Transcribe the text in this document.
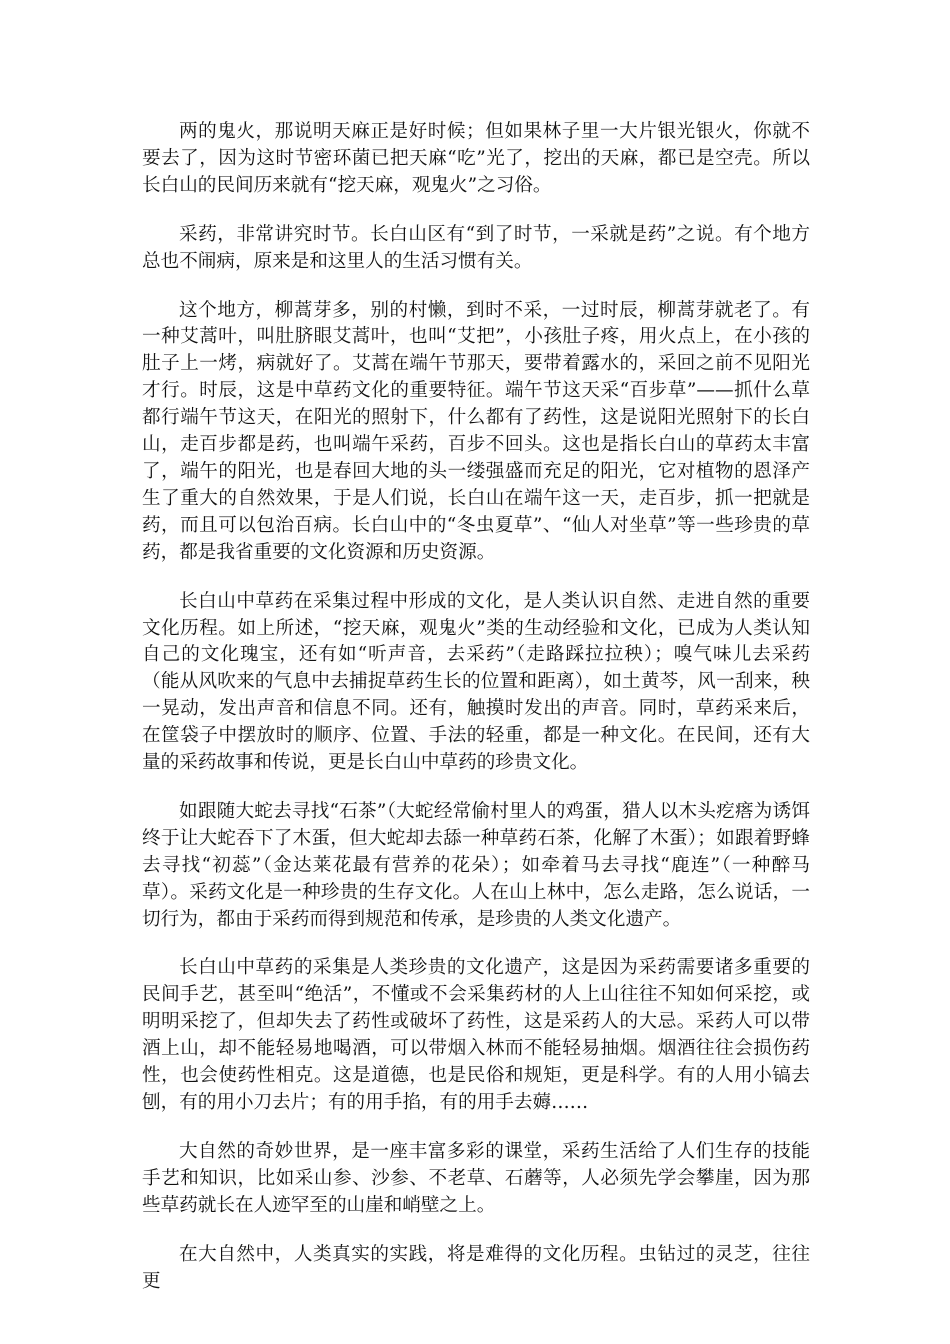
两的鬼火，那说明天麻正是好时候；但如果林子里一大片银光银火，你就不要去了，因为这时节密环菌已把天麻“吃”光了，挖出的天麻，都已是空壳。所以长白山的民间历来就有“挖天麻，观鬼火”之习俗。

采药，非常讲究时节。长白山区有“到了时节，一采就是药”之说。有个地方总也不闹病，原来是和这里人的生活习惯有关。

这个地方，柳蒿芽多，别的村懒，到时不采，一过时辰，柳蒿芽就老了。有一种艾蒿叶，叫肚脐眼艾蒿叶，也叫“艾把”，小孩肚子疼，用火点上，在小孩的肚子上一烤，病就好了。艾蒿在端午节那天，要带着露水的，采回之前不见阳光才行。时辰，这是中草药文化的重要特征。端午节这天采“百步草”——抓什么草都行端午节这天，在阳光的照射下，什么都有了药性，这是说阳光照射下的长白山，走百步都是药，也叫端午采药，百步不回头。这也是指长白山的草药太丰富了，端午的阳光，也是春回大地的头一缕强盛而充足的阳光，它对植物的恩泽产生了重大的自然效果，于是人们说，长白山在端午这一天，走百步，抓一把就是药，而且可以包治百病。长白山中的“冬虫夏草”、“仙人对坐草”等一些珍贵的草药，都是我省重要的文化资源和历史资源。

长白山中草药在采集过程中形成的文化，是人类认识自然、走进自然的重要文化历程。如上所述，“挖天麻，观鬼火”类的生动经验和文化，已成为人类认知自己的文化瑰宝，还有如“听声音，去采药”（走路踩拉拉秧）；嗅气味儿去采药（能从风吹来的气息中去捕捉草药生长的位置和距离），如土黄芩，风一刮来，秧一晃动，发出声音和信息不同。还有，触摸时发出的声音。同时，草药采来后，在筐袋子中摆放时的顺序、位置、手法的轻重，都是一种文化。在民间，还有大量的采药故事和传说，更是长白山中草药的珍贵文化。

如跟随大蛇去寻找“石茶”（大蛇经常偷村里人的鸡蛋，猎人以木头疙瘩为诱饵终于让大蛇吞下了木蛋，但大蛇却去舔一种草药石茶，化解了木蛋）；如跟着野蜂去寻找“初蕊”（金达莱花最有营养的花朵）；如牵着马去寻找“鹿连”（一种醉马草）。采药文化是一种珍贵的生存文化。人在山上林中，怎么走路，怎么说话，一切行为，都由于采药而得到规范和传承，是珍贵的人类文化遗产。

长白山中草药的采集是人类珍贵的文化遗产，这是因为采药需要诸多重要的民间手艺，甚至叫“绝活”，不懂或不会采集药材的人上山往往不知如何采挖，或明明采挖了，但却失去了药性或破坏了药性，这是采药人的大忌。采药人可以带酒上山，却不能轻易地喝酒，可以带烟入林而不能轻易抽烟。烟酒往往会损伤药性，也会使药性相克。这是道德，也是民俗和规矩，更是科学。有的人用小镐去刨，有的用小刀去片；有的用手掐，有的用手去薅……

大自然的奇妙世界，是一座丰富多彩的课堂，采药生活给了人们生存的技能手艺和知识，比如采山参、沙参、不老草、石蘑等，人必须先学会攀崖，因为那些草药就长在人迹罕至的山崖和峭壁之上。

在大自然中，人类真实的实践，将是难得的文化历程。虫钻过的灵芝，往往更
